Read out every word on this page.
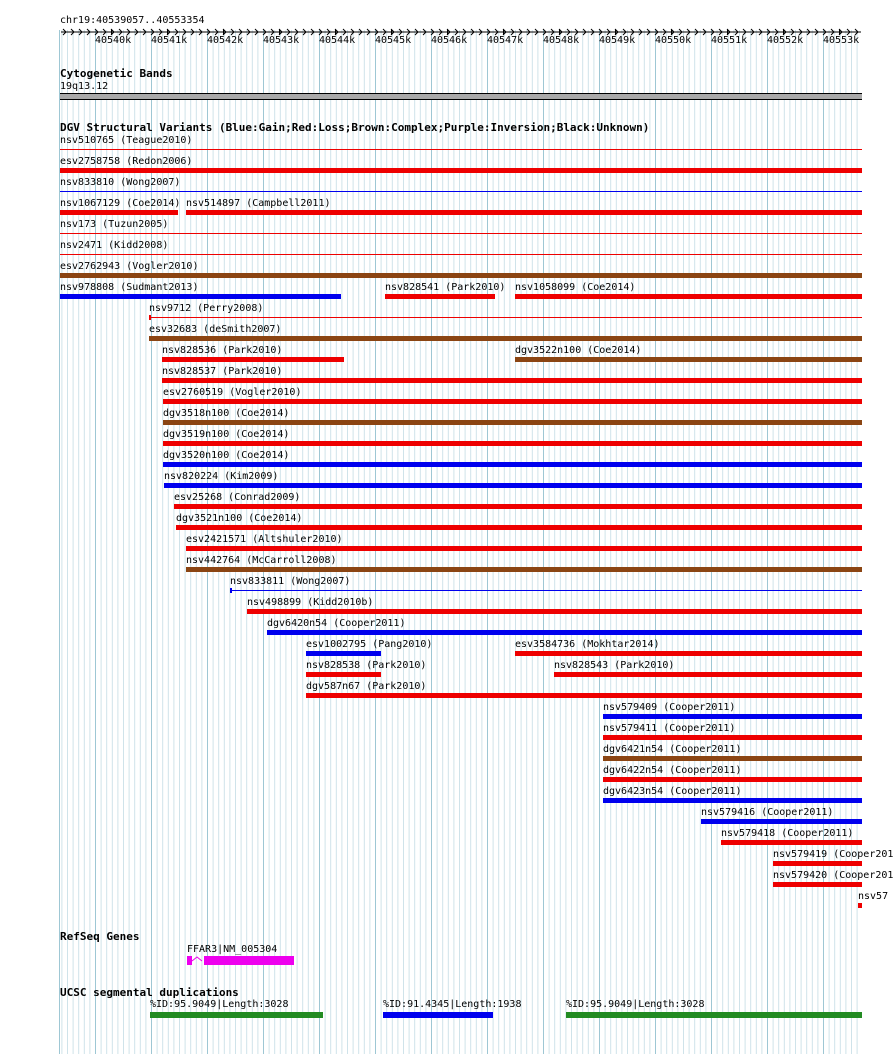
chr19:40539057..40553354
40540k 40541k 40542k 40543k 40544k 40545k 40546k 40547k 40548k 40549k 40550k 40551k 40552k 40553k
Cytogenetic Bands
19q13.12
DGV Structural Variants (Blue:Gain;Red:Loss;Brown:Complex;Purple:Inversion;Black:Unknown)
nsv510765 (Teague2010)
esv2758758 (Redon2006)
nsv833810 (Wong2007)
nsv1067129 (Coe2014) nsv514897 (Campbell2011)
nsv173 (Tuzun2005)
nsv2471 (Kidd2008)
esv2762943 (Vogler2010)
nsv978808 (Sudmant2013)	nsv828541 (Park2010) nsv1058099 (Coe2014)
nsv9712 (Perry2008)
esv32683 (deSmith2007)
nsv828536 (Park2010)	dgv3522n100 (Coe2014)
nsv828537 (Park2010)
esv2760519 (Vogler2010)
dgv3518n100 (Coe2014)
dgv3519n100 (Coe2014)
dgv3520n100 (Coe2014)
nsv820224 (Kim2009)
esv25268 (Conrad2009)
dgv3521n100 (Coe2014)
esv2421571 (Altshuler2010)
nsv442764 (McCarroll2008)
nsv833811 (Wong2007)
nsv498899 (Kidd2010b)
dgv6420n54 (Cooper2011)
esv1002795 (Pang2010)	esv3584736 (Mokhtar2014)
nsv828538 (Park2010)	nsv828543 (Park2010)
dgv587n67 (Park2010)
nsv579409 (Cooper2011)
nsv579411 (Cooper2011)
dgv6421n54 (Cooper2011)
dgv6422n54 (Cooper2011)
dgv6423n54 (Cooper2011)
nsv579416 (Cooper2011)
nsv579418 (Cooper2011)
nsv579419 (Cooper201
nsv579420 (Cooper201
nsv57
RefSeq Genes
FFAR3|NM_005304
UCSC segmental duplications
%ID:95.9049|Length:3028	%ID:91.4345|Length:1938	%ID:95.9049|Length:3028
